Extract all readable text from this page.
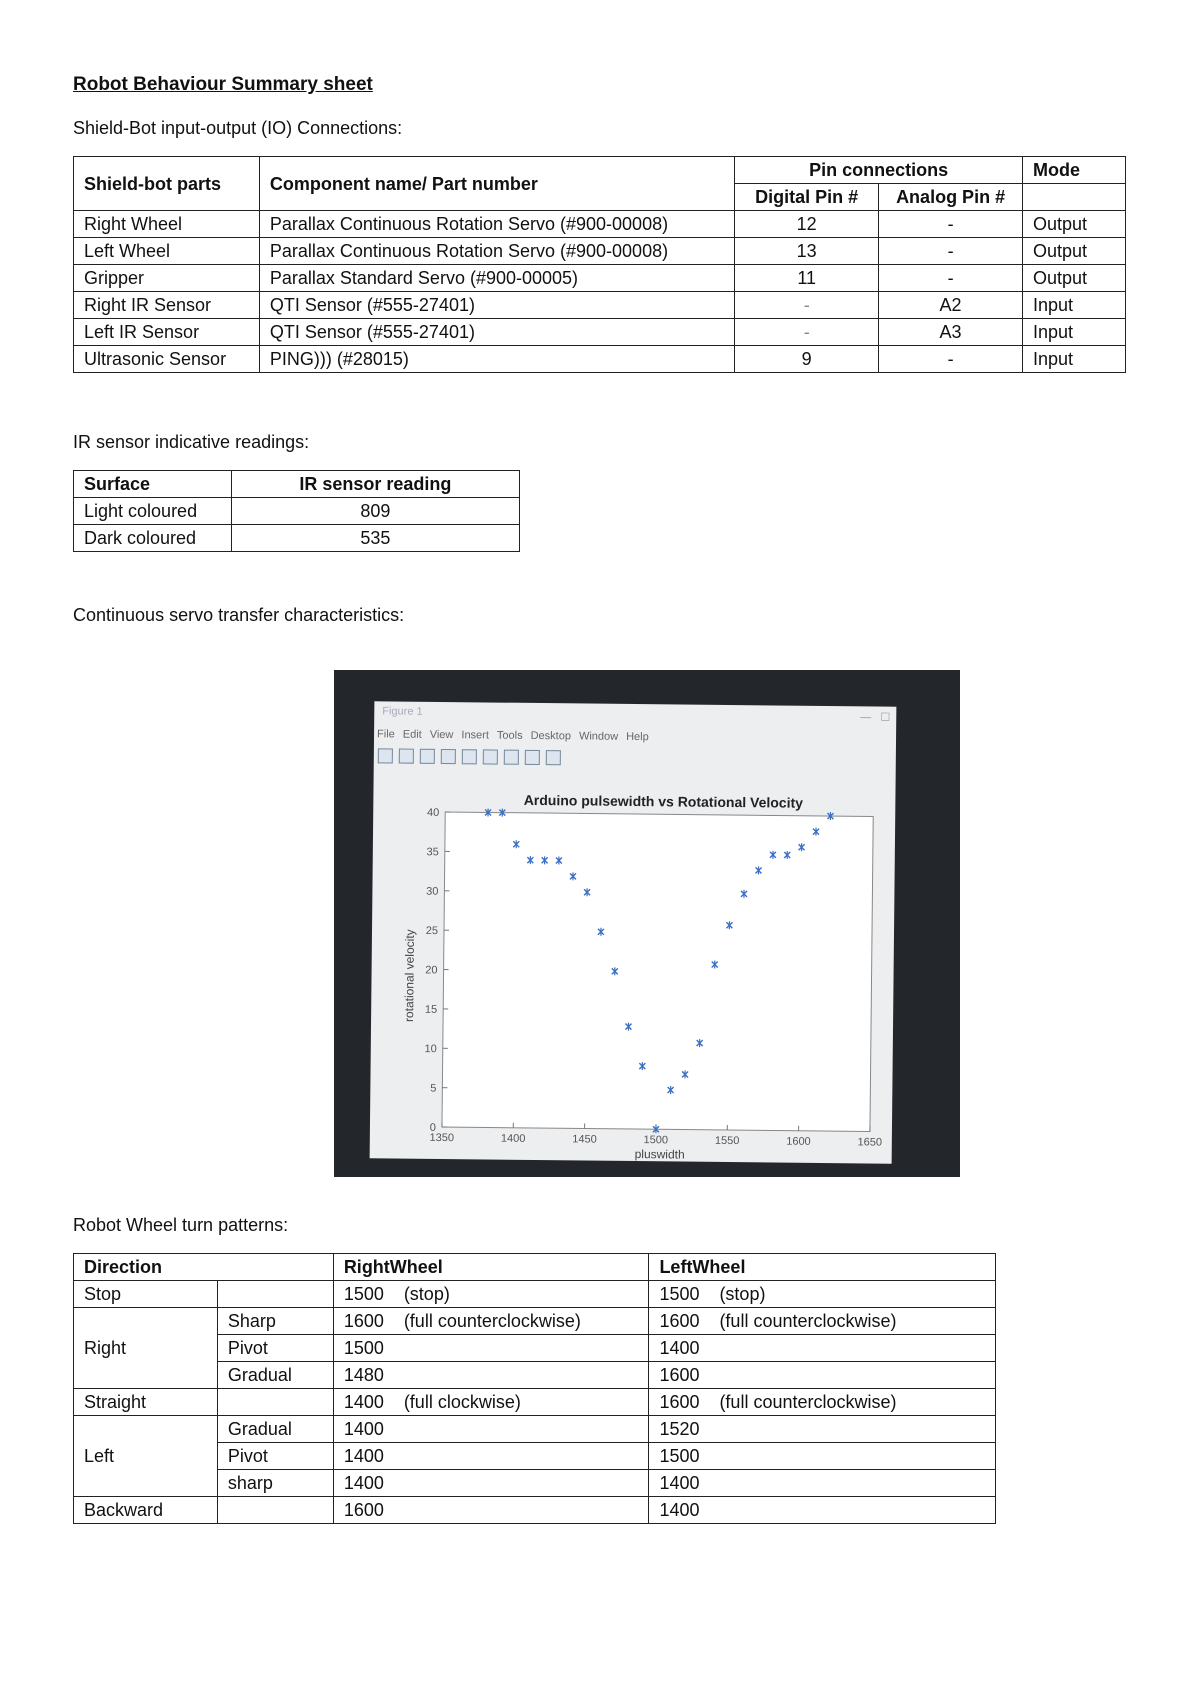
Robot Behaviour Summary sheet
Shield-Bot input-output (IO) Connections:
Shield-bot parts	Component name/ Part number	Pin connections		Mode
		Digital Pin #	Analog Pin #	
Right Wheel	Parallax Continuous Rotation Servo (#900-00008)	12	-	Output
Left Wheel	Parallax Continuous Rotation Servo (#900-00008)	13	-	Output
Gripper	Parallax Standard Servo (#900-00005)	11	-	Output
Right IR Sensor	QTI Sensor (#555-27401)	-	A2	Input
Left IR Sensor	QTI Sensor (#555-27401)	-	A3	Input
Ultrasonic Sensor	PING))) (#28015)	9	-	Input
IR sensor indicative readings:
Surface	IR sensor reading
Light coloured	809
Dark coloured	535
Continuous servo transfer characteristics:
Figure 1	—   ☐
File Edit View Insert Tools Desktop Window Help
Arduino pulsewidth vs Rotational Velocity
1350	1400	1450	1500	1550	1600	1650
0
5
10
15
20
25
30
35
40
pluswidth
rotational velocity
Robot Wheel turn patterns:
Direction		RightWheel	LeftWheel
Stop		1500 (stop)	1500 (stop)
Right	Sharp	1600 (full counterclockwise)	1600 (full counterclockwise)
	Pivot	1500	1400
	Gradual	1480	1600
Straight		1400 (full clockwise)	1600 (full counterclockwise)
Left	Gradual	1400	1520
	Pivot	1400	1500
	sharp	1400	1400
Backward		1600	1400
